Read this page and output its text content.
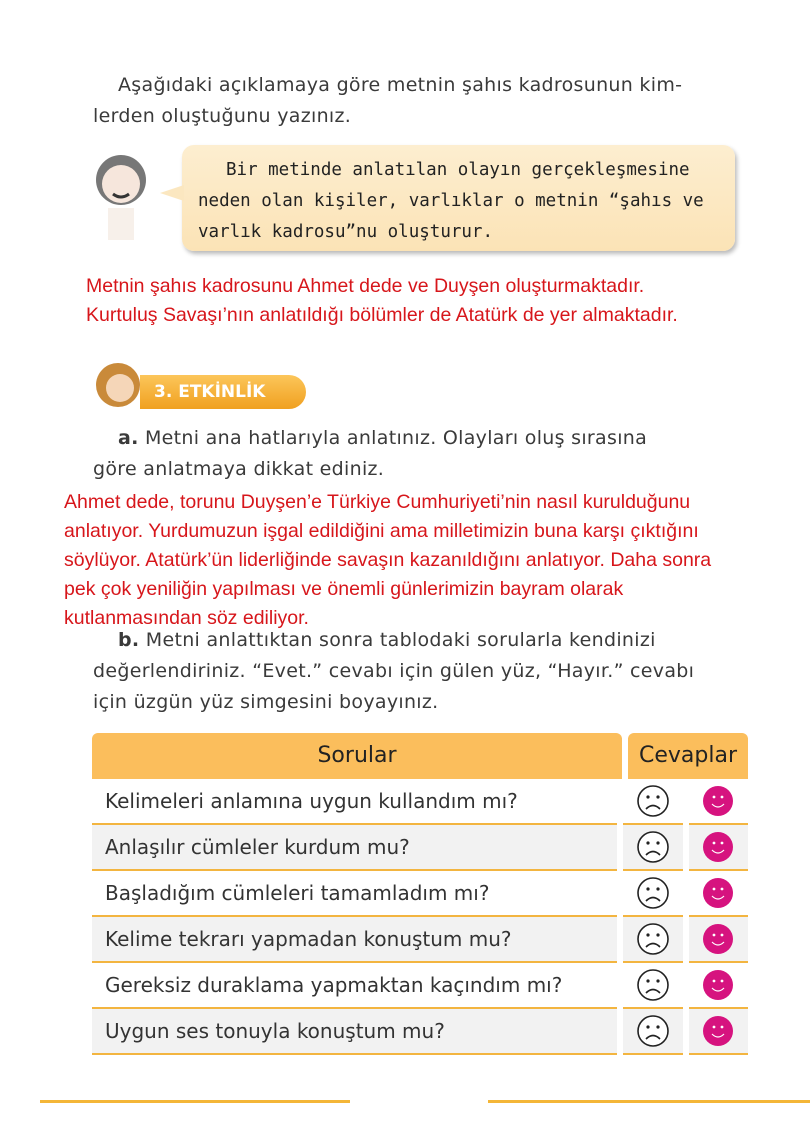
Aşağıdaki açıklamaya göre metnin şahıs kadrosunun kim-
lerden oluştuğunu yazınız.
Bir metinde anlatılan olayın gerçekleşmesine
neden olan kişiler, varlıklar o metnin “şahıs ve
varlık kadrosu”nu oluşturur.
Metnin şahıs kadrosunu Ahmet dede ve Duyşen oluşturmaktadır.
Kurtuluş Savaşı’nın anlatıldığı bölümler de Atatürk de yer almaktadır.
3. ETKİNLİK
a. Metni ana hatlarıyla anlatınız. Olayları oluş sırasına
göre anlatmaya dikkat ediniz.
Ahmet dede, torunu Duyşen’e Türkiye Cumhuriyeti’nin nasıl kurulduğunu
anlatıyor. Yurdumuzun işgal edildiğini ama milletimizin buna karşı çıktığını
söylüyor. Atatürk’ün liderliğinde savaşın kazanıldığını anlatıyor. Daha sonra
pek çok yeniliğin yapılması ve önemli günlerimizin bayram olarak
kutlanmasından söz ediliyor.
b. Metni anlattıktan sonra tablodaki sorularla kendinizi
değerlendiriniz. “Evet.” cevabı için gülen yüz, “Hayır.” cevabı
için üzgün yüz simgesini boyayınız.
Sorular	Cevaplar
Kelimeleri anlamına uygun kullandım mı?
Anlaşılır cümleler kurdum mu?
Başladığım cümleleri tamamladım mı?
Kelime tekrarı yapmadan konuştum mu?
Gereksiz duraklama yapmaktan kaçındım mı?
Uygun ses tonuyla konuştum mu?
